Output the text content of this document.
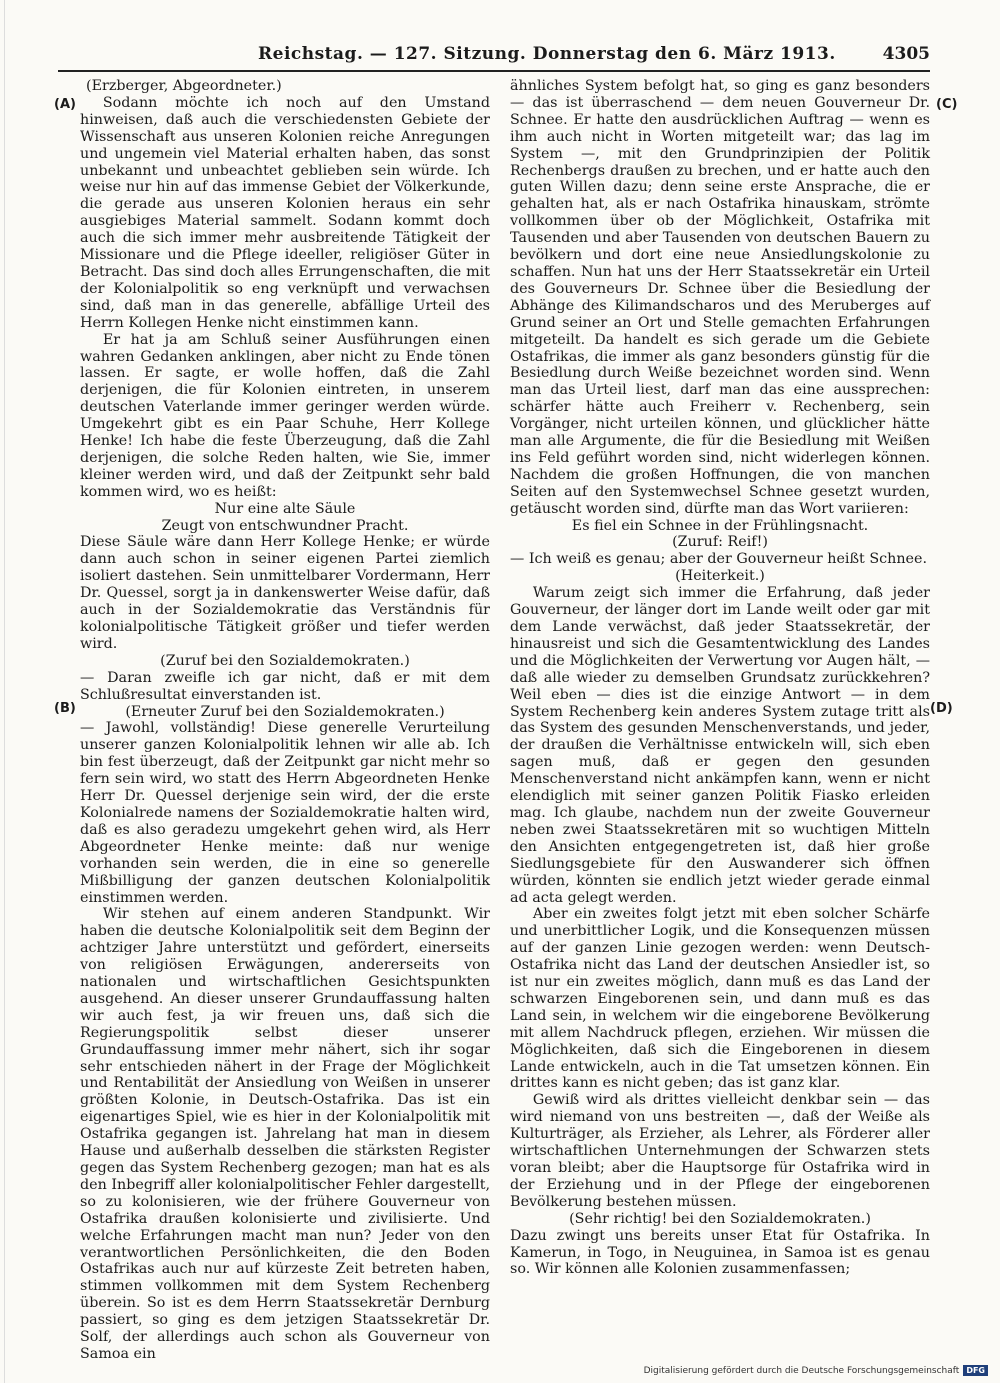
Reichstag. — 127. Sitzung. Donnerstag den 6. März 1913.	4305
(A)
(B)
(C)
(D)

(Erzberger, Abgeordneter.)

Sodann möchte ich noch auf den Umstand hinweisen, daß auch die verschiedensten Gebiete der Wissenschaft aus unseren Kolonien reiche Anregungen und ungemein viel Material erhalten haben, das sonst unbekannt und unbeachtet geblieben sein würde. Ich weise nur hin auf das immense Gebiet der Völkerkunde, die gerade aus unseren Kolonien heraus ein sehr ausgiebiges Material sammelt. Sodann kommt doch auch die sich immer mehr ausbreitende Tätigkeit der Missionare und die Pflege ideeller, religiöser Güter in Betracht. Das sind doch alles Errungenschaften, die mit der Kolonialpolitik so eng verknüpft und verwachsen sind, daß man in das generelle, abfällige Urteil des Herrn Kollegen Henke nicht einstimmen kann.

Er hat ja am Schluß seiner Ausführungen einen wahren Gedanken anklingen, aber nicht zu Ende tönen lassen. Er sagte, er wolle hoffen, daß die Zahl derjenigen, die für Kolonien eintreten, in unserem deutschen Vaterlande immer geringer werden würde. Umgekehrt gibt es ein Paar Schuhe, Herr Kollege Henke! Ich habe die feste Überzeugung, daß die Zahl derjenigen, die solche Reden halten, wie Sie, immer kleiner werden wird, und daß der Zeitpunkt sehr bald kommen wird, wo es heißt:

Nur eine alte Säule

Zeugt von entschwundner Pracht.

Diese Säule wäre dann Herr Kollege Henke; er würde dann auch schon in seiner eigenen Partei ziemlich isoliert dastehen. Sein unmittelbarer Vordermann, Herr Dr. Quessel, sorgt ja in dankenswerter Weise dafür, daß auch in der Sozialdemokratie das Verständnis für kolonialpolitische Tätigkeit größer und tiefer werden wird.

(Zuruf bei den Sozialdemokraten.)

— Daran zweifle ich gar nicht, daß er mit dem Schlußresultat einverstanden ist.

(Erneuter Zuruf bei den Sozialdemokraten.)

— Jawohl, vollständig! Diese generelle Verurteilung unserer ganzen Kolonialpolitik lehnen wir alle ab. Ich bin fest überzeugt, daß der Zeitpunkt gar nicht mehr so fern sein wird, wo statt des Herrn Abgeordneten Henke Herr Dr. Quessel derjenige sein wird, der die erste Kolonialrede namens der Sozialdemokratie halten wird, daß es also geradezu umgekehrt gehen wird, als Herr Abgeordneter Henke meinte: daß nur wenige vorhanden sein werden, die in eine so generelle Mißbilligung der ganzen deutschen Kolonialpolitik einstimmen werden.

Wir stehen auf einem anderen Standpunkt. Wir haben die deutsche Kolonialpolitik seit dem Beginn der achtziger Jahre unterstützt und gefördert, einerseits von religiösen Erwägungen, andererseits von nationalen und wirtschaftlichen Gesichtspunkten ausgehend. An dieser unserer Grundauffassung halten wir auch fest, ja wir freuen uns, daß sich die Regierungspolitik selbst dieser unserer Grundauffassung immer mehr nähert, sich ihr sogar sehr entschieden nähert in der Frage der Möglichkeit und Rentabilität der Ansiedlung von Weißen in unserer größten Kolonie, in Deutsch-Ostafrika. Das ist ein eigenartiges Spiel, wie es hier in der Kolonialpolitik mit Ostafrika gegangen ist. Jahrelang hat man in diesem Hause und außerhalb desselben die stärksten Register gegen das System Rechenberg gezogen; man hat es als den Inbegriff aller kolonialpolitischer Fehler dargestellt, so zu kolonisieren, wie der frühere Gouverneur von Ostafrika draußen kolonisierte und zivilisierte. Und welche Erfahrungen macht man nun? Jeder von den verantwortlichen Persönlichkeiten, die den Boden Ostafrikas auch nur auf kürzeste Zeit betreten haben, stimmen vollkommen mit dem System Rechenberg überein. So ist es dem Herrn Staatssekretär Dernburg passiert, so ging es dem jetzigen Staatssekretär Dr. Solf, der allerdings auch schon als Gouverneur von Samoa ein

ähnliches System befolgt hat, so ging es ganz besonders — das ist überraschend — dem neuen Gouverneur Dr. Schnee. Er hatte den ausdrücklichen Auftrag — wenn es ihm auch nicht in Worten mitgeteilt war; das lag im System —, mit den Grundprinzipien der Politik Rechenbergs draußen zu brechen, und er hatte auch den guten Willen dazu; denn seine erste Ansprache, die er gehalten hat, als er nach Ostafrika hinauskam, strömte vollkommen über ob der Möglichkeit, Ostafrika mit Tausenden und aber Tausenden von deutschen Bauern zu bevölkern und dort eine neue Ansiedlungskolonie zu schaffen. Nun hat uns der Herr Staatssekretär ein Urteil des Gouverneurs Dr. Schnee über die Besiedlung der Abhänge des Kilimandscharos und des Meruberges auf Grund seiner an Ort und Stelle gemachten Erfahrungen mitgeteilt. Da handelt es sich gerade um die Gebiete Ostafrikas, die immer als ganz besonders günstig für die Besiedlung durch Weiße bezeichnet worden sind. Wenn man das Urteil liest, darf man das eine aussprechen: schärfer hätte auch Freiherr v. Rechenberg, sein Vorgänger, nicht urteilen können, und glücklicher hätte man alle Argumente, die für die Besiedlung mit Weißen ins Feld geführt worden sind, nicht widerlegen können. Nachdem die großen Hoffnungen, die von manchen Seiten auf den Systemwechsel Schnee gesetzt wurden, getäuscht worden sind, dürfte man das Wort variieren:

Es fiel ein Schnee in der Frühlingsnacht.

(Zuruf: Reif!)

— Ich weiß es genau; aber der Gouverneur heißt Schnee.

(Heiterkeit.)

Warum zeigt sich immer die Erfahrung, daß jeder Gouverneur, der länger dort im Lande weilt oder gar mit dem Lande verwächst, daß jeder Staatssekretär, der hinausreist und sich die Gesamtentwicklung des Landes und die Möglichkeiten der Verwertung vor Augen hält, — daß alle wieder zu demselben Grundsatz zurückkehren? Weil eben — dies ist die einzige Antwort — in dem System Rechenberg kein anderes System zutage tritt als das System des gesunden Menschenverstands, und jeder, der draußen die Verhältnisse entwickeln will, sich eben sagen muß, daß er gegen den gesunden Menschenverstand nicht ankämpfen kann, wenn er nicht elendiglich mit seiner ganzen Politik Fiasko erleiden mag. Ich glaube, nachdem nun der zweite Gouverneur neben zwei Staatssekretären mit so wuchtigen Mitteln den Ansichten entgegengetreten ist, daß hier große Siedlungsgebiete für den Auswanderer sich öffnen würden, könnten sie endlich jetzt wieder gerade einmal ad acta gelegt werden.

Aber ein zweites folgt jetzt mit eben solcher Schärfe und unerbittlicher Logik, und die Konsequenzen müssen auf der ganzen Linie gezogen werden: wenn Deutsch-Ostafrika nicht das Land der deutschen Ansiedler ist, so ist nur ein zweites möglich, dann muß es das Land der schwarzen Eingeborenen sein, und dann muß es das Land sein, in welchem wir die eingeborene Bevölkerung mit allem Nachdruck pflegen, erziehen. Wir müssen die Möglichkeiten, daß sich die Eingeborenen in diesem Lande entwickeln, auch in die Tat umsetzen können. Ein drittes kann es nicht geben; das ist ganz klar.

Gewiß wird als drittes vielleicht denkbar sein — das wird niemand von uns bestreiten —, daß der Weiße als Kulturträger, als Erzieher, als Lehrer, als Förderer aller wirtschaftlichen Unternehmungen der Schwarzen stets voran bleibt; aber die Hauptsorge für Ostafrika wird in der Erziehung und in der Pflege der eingeborenen Bevölkerung bestehen müssen.

(Sehr richtig! bei den Sozialdemokraten.)

Dazu zwingt uns bereits unser Etat für Ostafrika. In Kamerun, in Togo, in Neuguinea, in Samoa ist es genau so. Wir können alle Kolonien zusammenfassen;

Digitalisierung gefördert durch die Deutsche Forschungsgemeinschaft DFG
